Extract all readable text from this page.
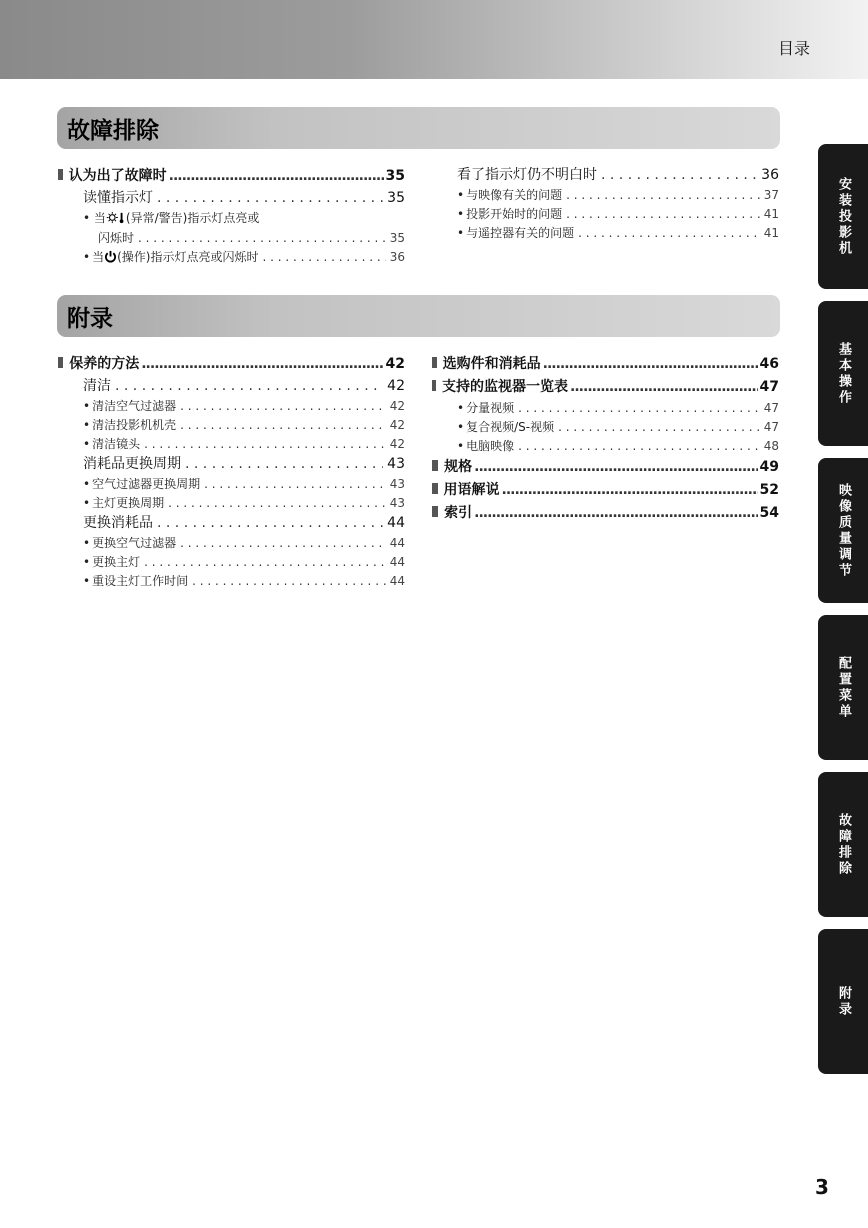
目录
故障排除
认为出了故障时 .....	35
读懂指示灯 . . .	35
• 当 (异常/警告)指示灯点亮或
闪烁时 . . .	35
• 当 (操作)指示灯点亮或闪烁时 . . .	36
看了指示灯仍不明白时 . . .	36
• 与映像有关的问题 . . .	37
• 投影开始时的问题 . . .	41
• 与遥控器有关的问题 . . .	41
附录
保养的方法 .....	42
清洁 . . .	42
• 清洁空气过滤器 . . .	42
• 清洁投影机机壳 . . .	42
• 清洁镜头 . . .	42
消耗品更换周期 . . .	43
• 空气过滤器更换周期 . . .	43
• 主灯更换周期 . . .	43
更换消耗品 . . .	44
• 更换空气过滤器 . . .	44
• 更换主灯 . . .	44
• 重设主灯工作时间 . . .	44
选购件和消耗品 .....	46
支持的监视器一览表 .....	47
• 分量视频 . . .	47
• 复合视频/S-视频 . . .	47
• 电脑映像 . . .	48
规格 .....	49
用语解说 .....	52
索引 .....	54
安装投影机
基本操作
映像质量调节
配置菜单
故障排除
附录
3
